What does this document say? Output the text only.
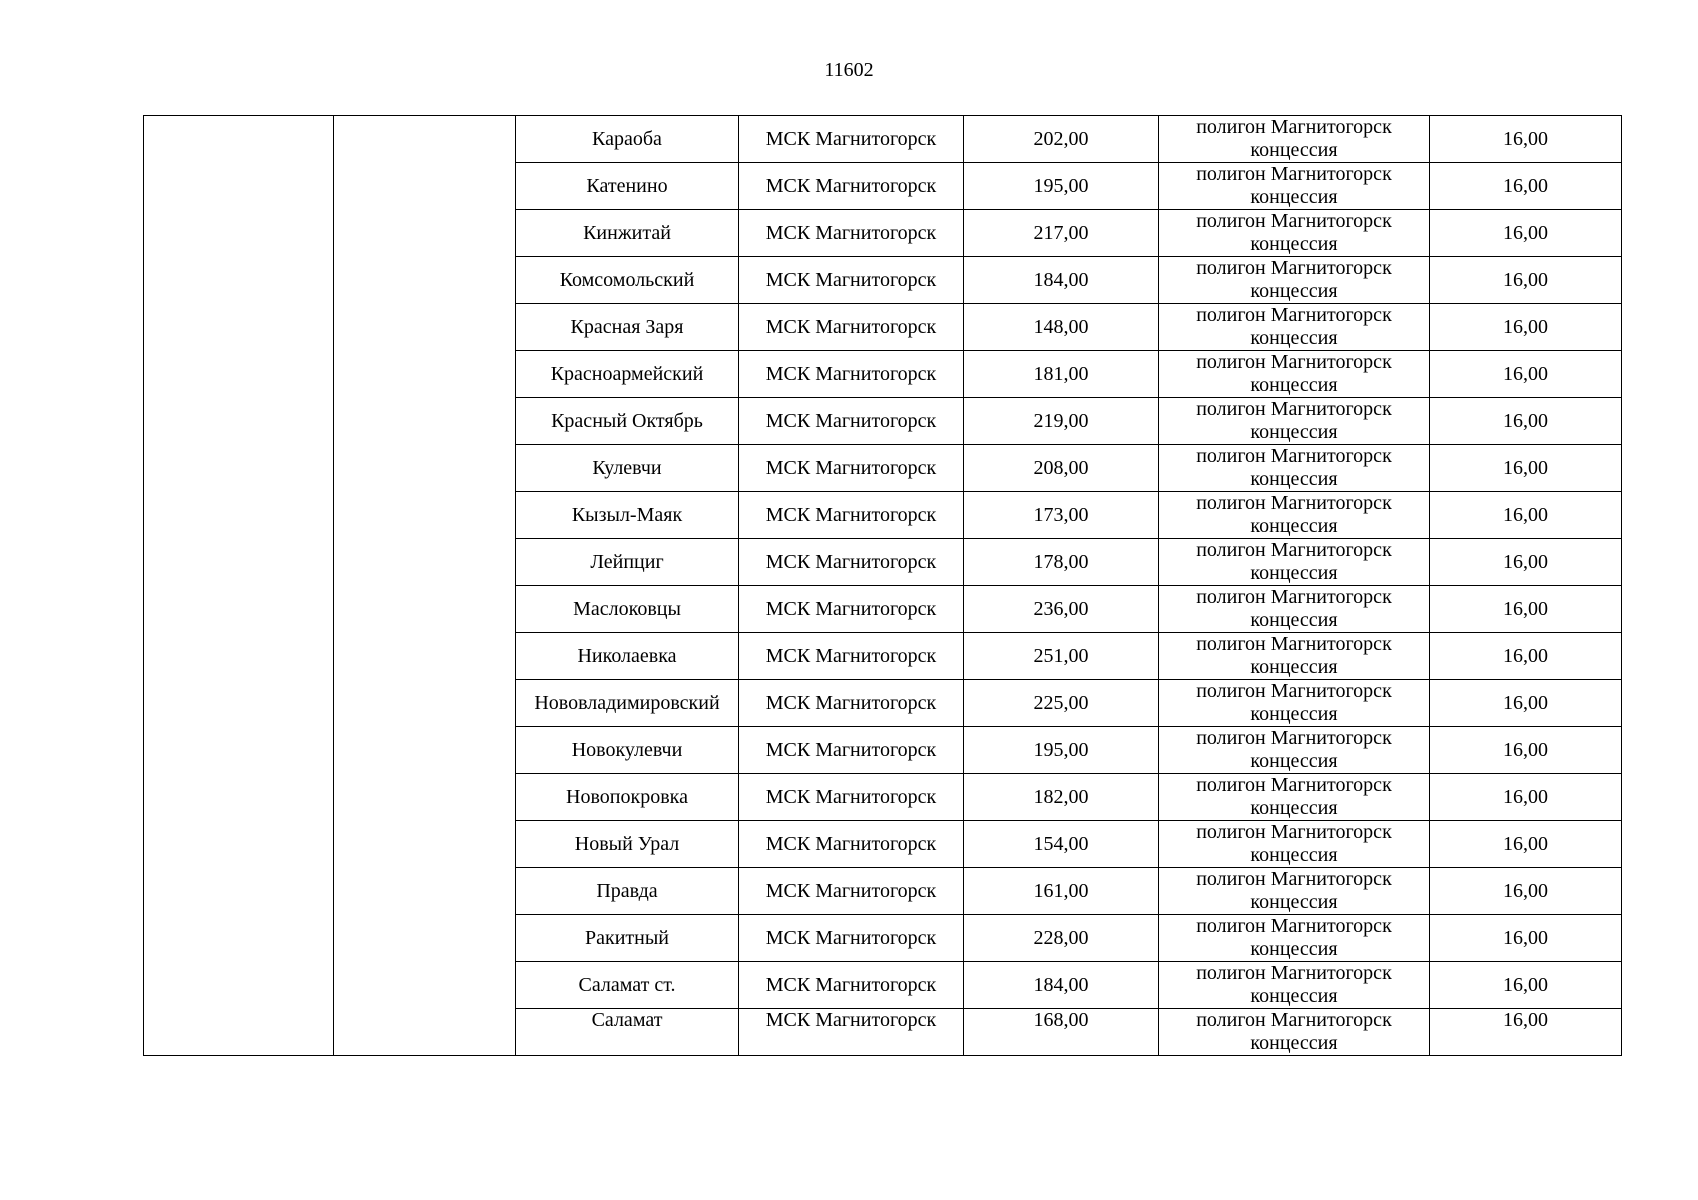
11602
		Караоба	МСК Магнитогорск	202,00	полигон Магнитогорск концессия	16,00
		Катенино	МСК Магнитогорск	195,00	полигон Магнитогорск концессия	16,00
		Кинжитай	МСК Магнитогорск	217,00	полигон Магнитогорск концессия	16,00
		Комсомольский	МСК Магнитогорск	184,00	полигон Магнитогорск концессия	16,00
		Красная Заря	МСК Магнитогорск	148,00	полигон Магнитогорск концессия	16,00
		Красноармейский	МСК Магнитогорск	181,00	полигон Магнитогорск концессия	16,00
		Красный Октябрь	МСК Магнитогорск	219,00	полигон Магнитогорск концессия	16,00
		Кулевчи	МСК Магнитогорск	208,00	полигон Магнитогорск концессия	16,00
		Кызыл-Маяк	МСК Магнитогорск	173,00	полигон Магнитогорск концессия	16,00
		Лейпциг	МСК Магнитогорск	178,00	полигон Магнитогорск концессия	16,00
		Маслоковцы	МСК Магнитогорск	236,00	полигон Магнитогорск концессия	16,00
		Николаевка	МСК Магнитогорск	251,00	полигон Магнитогорск концессия	16,00
		Нововладимировский	МСК Магнитогорск	225,00	полигон Магнитогорск концессия	16,00
		Новокулевчи	МСК Магнитогорск	195,00	полигон Магнитогорск концессия	16,00
		Новопокровка	МСК Магнитогорск	182,00	полигон Магнитогорск концессия	16,00
		Новый Урал	МСК Магнитогорск	154,00	полигон Магнитогорск концессия	16,00
		Правда	МСК Магнитогорск	161,00	полигон Магнитогорск концессия	16,00
		Ракитный	МСК Магнитогорск	228,00	полигон Магнитогорск концессия	16,00
		Саламат ст.	МСК Магнитогорск	184,00	полигон Магнитогорск концессия	16,00
		Саламат	МСК Магнитогорск	168,00	полигон Магнитогорск концессия	16,00
